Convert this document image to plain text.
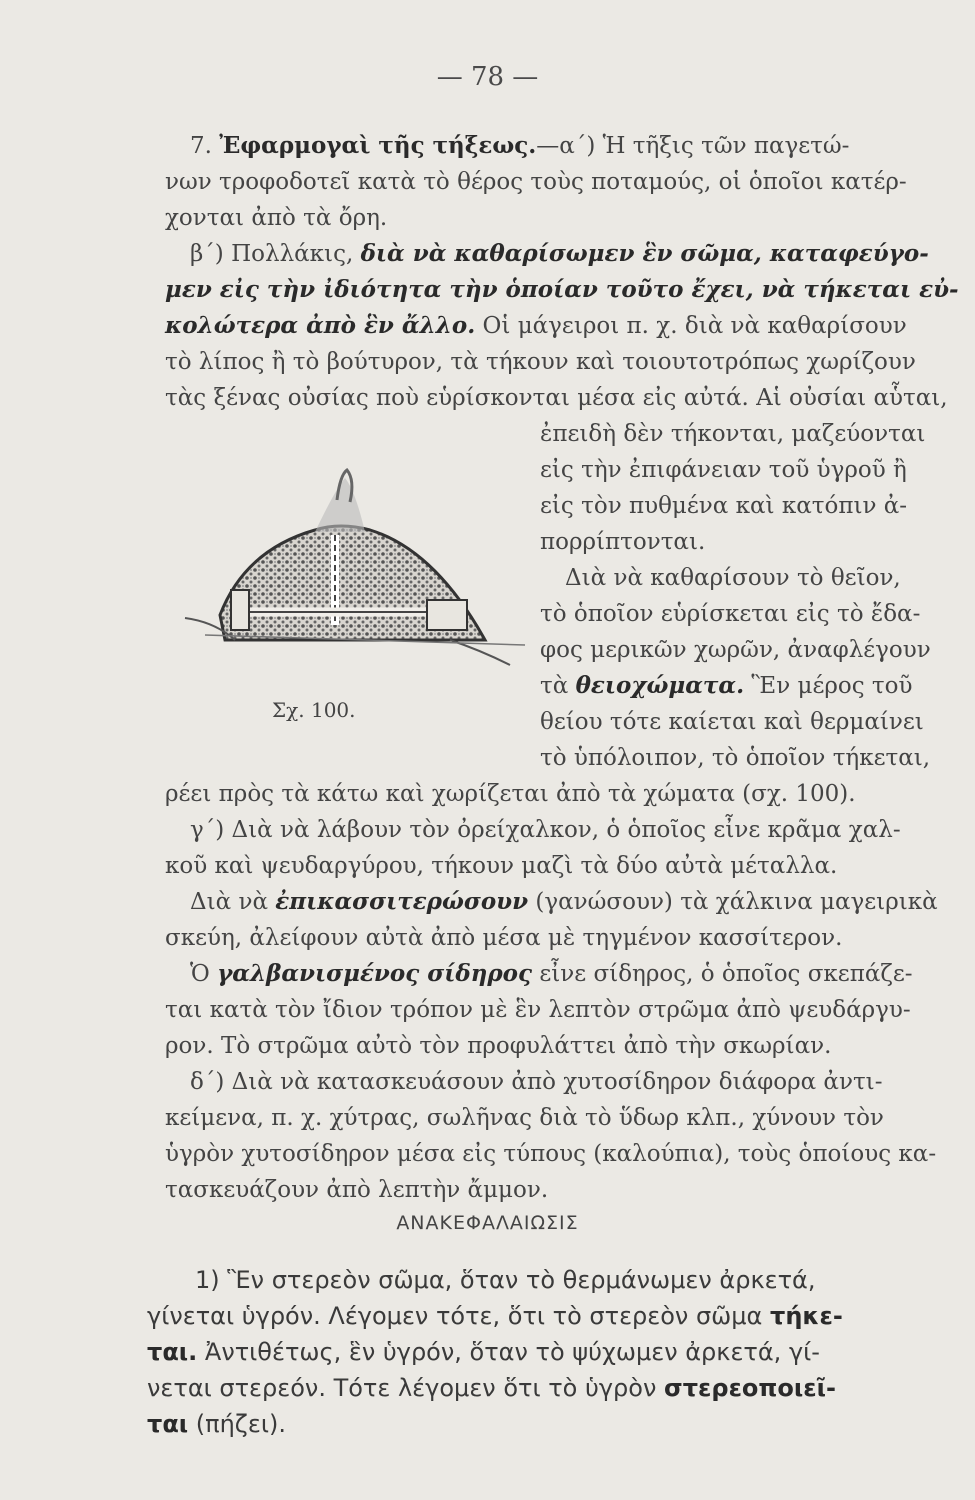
— 78 —
7. Ἐφαρμογαὶ τῆς τήξεως.—α΄) Ἡ τῆξις τῶν παγετώ-
νων τροφοδοτεῖ κατὰ τὸ θέρος τοὺς ποταμούς, οἱ ὁποῖοι κατέρ-
χονται ἀπὸ τὰ ὄρη.
β΄) Πολλάκις, διὰ νὰ καθαρίσωμεν ἓν σῶμα, καταφεύγο-
μεν εἰς τὴν ἰδιότητα τὴν ὁποίαν τοῦτο ἔχει, νὰ τήκεται εὐ-
κολώτερα ἀπὸ ἓν ἄλλο. Οἱ μάγειροι π. χ. διὰ νὰ καθαρίσουν
τὸ λίπος ἢ τὸ βούτυρον, τὰ τήκουν καὶ τοιουτοτρόπως χωρίζουν
τὰς ξένας οὐσίας ποὺ εὑρίσκονται μέσα εἰς αὐτά. Αἱ οὐσίαι αὗται,
ἐπειδὴ δὲν τήκονται, μαζεύονται
εἰς τὴν ἐπιφάνειαν τοῦ ὑγροῦ ἢ
εἰς τὸν πυθμένα καὶ κατόπιν ἀ-
πορρίπτονται.
Διὰ νὰ καθαρίσουν τὸ θεῖον,
τὸ ὁποῖον εὑρίσκεται εἰς τὸ ἔδα-
φος μερικῶν χωρῶν, ἀναφλέγουν
τὰ θειοχώματα. Ἓν μέρος τοῦ
θείου τότε καίεται καὶ θερμαίνει
τὸ ὑπόλοιπον, τὸ ὁποῖον τήκεται,
ρέει πρὸς τὰ κάτω καὶ χωρίζεται ἀπὸ τὰ χώματα (σχ. 100).
γ΄) Διὰ νὰ λάβουν τὸν ὀρείχαλκον, ὁ ὁποῖος εἶνε κρᾶμα χαλ-
κοῦ καὶ ψευδαργύρου, τήκουν μαζὶ τὰ δύο αὐτὰ μέταλλα.
Διὰ νὰ ἐπικασσιτερώσουν (γανώσουν) τὰ χάλκινα μαγειρικὰ
σκεύη, ἀλείφουν αὐτὰ ἀπὸ μέσα μὲ τηγμένον κασσίτερον.
Ὁ γαλβανισμένος σίδηρος εἶνε σίδηρος, ὁ ὁποῖος σκεπάζε-
ται κατὰ τὸν ἴδιον τρόπον μὲ ἓν λεπτὸν στρῶμα ἀπὸ ψευδάργυ-
ρον. Τὸ στρῶμα αὐτὸ τὸν προφυλάττει ἀπὸ τὴν σκωρίαν.
δ΄) Διὰ νὰ κατασκευάσουν ἀπὸ χυτοσίδηρον διάφορα ἀντι-
κείμενα, π. χ. χύτρας, σωλῆνας διὰ τὸ ὕδωρ κλπ., χύνουν τὸν
ὑγρὸν χυτοσίδηρον μέσα εἰς τύπους (καλούπια), τοὺς ὁποίους κα-
τασκευάζουν ἀπὸ λεπτὴν ἄμμον.
Σχ. 100.
ΑΝΑΚΕΦΑΛΑΙΩΣΙΣ
1) Ἓν στερεὸν σῶμα, ὅταν τὸ θερμάνωμεν ἀρκετά,
γίνεται ὑγρόν. Λέγομεν τότε, ὅτι τὸ στερεὸν σῶμα τήκε-
ται. Ἀντιθέτως, ἓν ὑγρόν, ὅταν τὸ ψύχωμεν ἀρκετά, γί-
νεται στερεόν. Τότε λέγομεν ὅτι τὸ ὑγρὸν στερεοποιεῖ-
ται (πήζει).
